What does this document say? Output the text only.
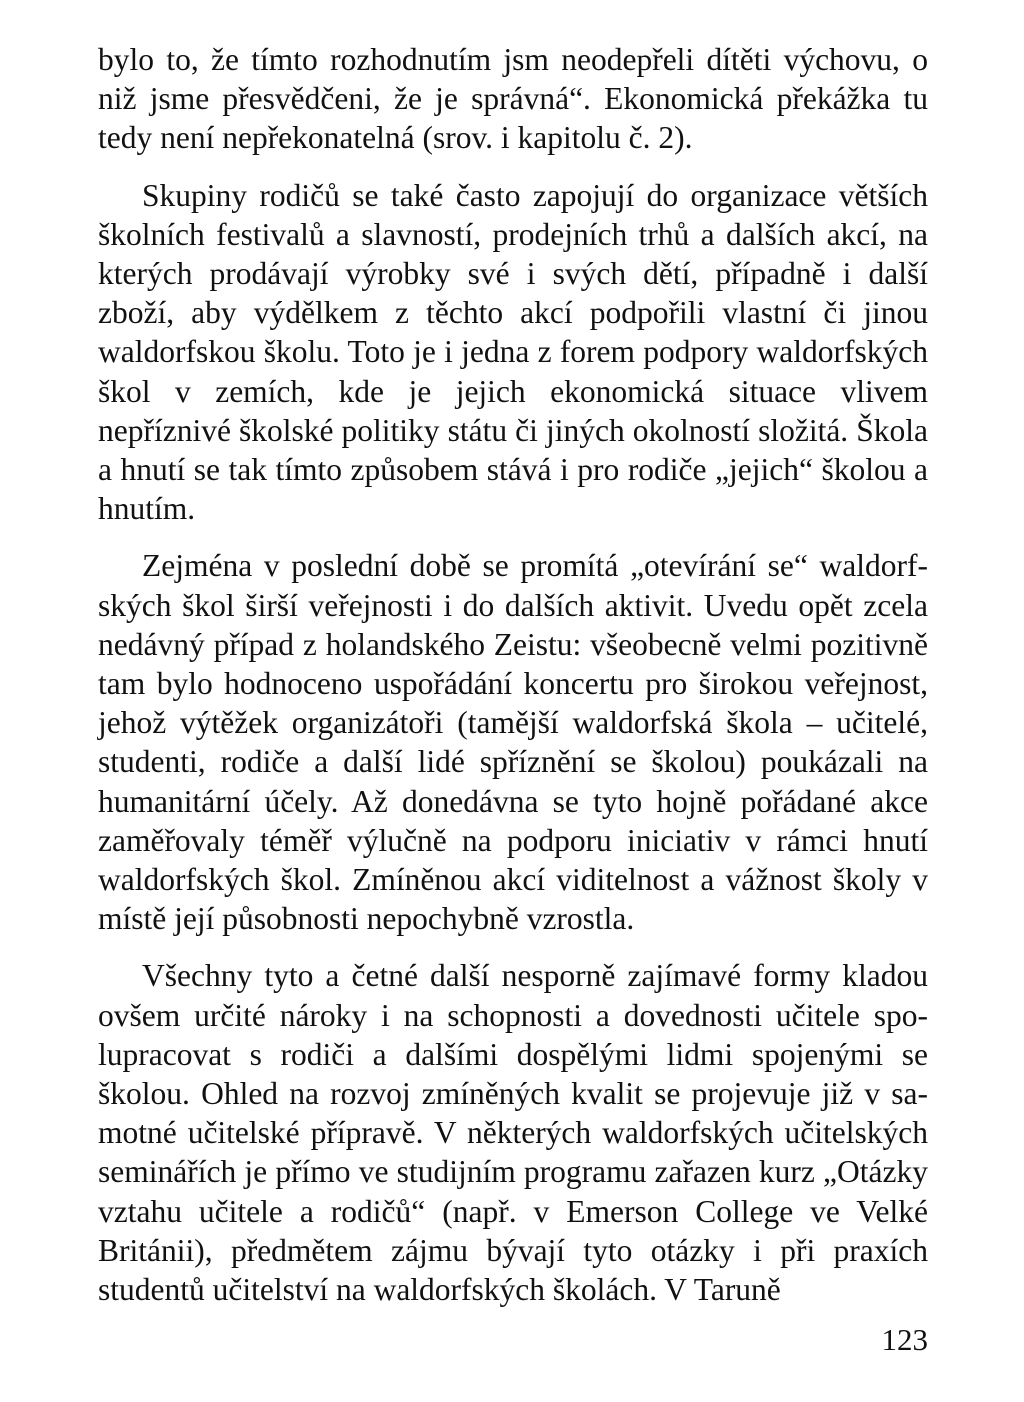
bylo to, že tímto rozhodnutím jsm neodepřeli dítěti výchovu, o niž jsme přesvědčeni, že je správná“. Ekonomická překážka tu tedy není nepřekonatelná (srov. i kapitolu č. 2).

Skupiny rodičů se také často zapojují do organizace větších školních festivalů a slavností, prodejních trhů a dalších akcí, na kterých prodávají výrobky své i svých dětí, případně i další zboží, aby výdělkem z těchto akcí podpořili vlastní či jinou waldorfskou školu. Toto je i jedna z forem podpory waldorfských škol v zemích, kde je jejich ekonomická situace vlivem nepříznivé školské politiky státu či jiných okolností složitá. Škola a hnutí se tak tímto způsobem stává i pro rodiče „jejich“ školou a hnutím.

Zejména v poslední době se promítá „otevírání se“ waldorfských škol širší veřejnosti i do dalších aktivit. Uvedu opět zcela nedávný případ z holandského Zeistu: všeobecně velmi pozitivně tam bylo hodnoceno uspořádání koncertu pro širokou veřejnost, jehož výtěžek organizátoři (tamější waldorfská škola – učitelé, studenti, rodiče a další lidé spříznění se školou) poukázali na humanitární účely. Až donedávna se tyto hojně pořádané akce zaměřovaly téměř výlučně na podporu iniciativ v rámci hnutí waldorfských škol. Zmíněnou akcí viditelnost a vážnost školy v místě její působnosti nepochybně vzrostla.

Všechny tyto a četné další nesporně zajímavé formy kladou ovšem určité nároky i na schopnosti a dovednosti učitele spolupracovat s rodiči a dalšími dospělými lidmi spojenými se školou. Ohled na rozvoj zmíněných kvalit se projevuje již v samotné učitelské přípravě. V některých waldorfských učitelských seminářích je přímo ve studijním programu zařazen kurz „Otázky vztahu učitele a rodičů“ (např. v Emerson College ve Velké Británii), předmětem zájmu bývají tyto otázky i při praxích studentů učitelství na waldorfských školách. V Taruně

123
